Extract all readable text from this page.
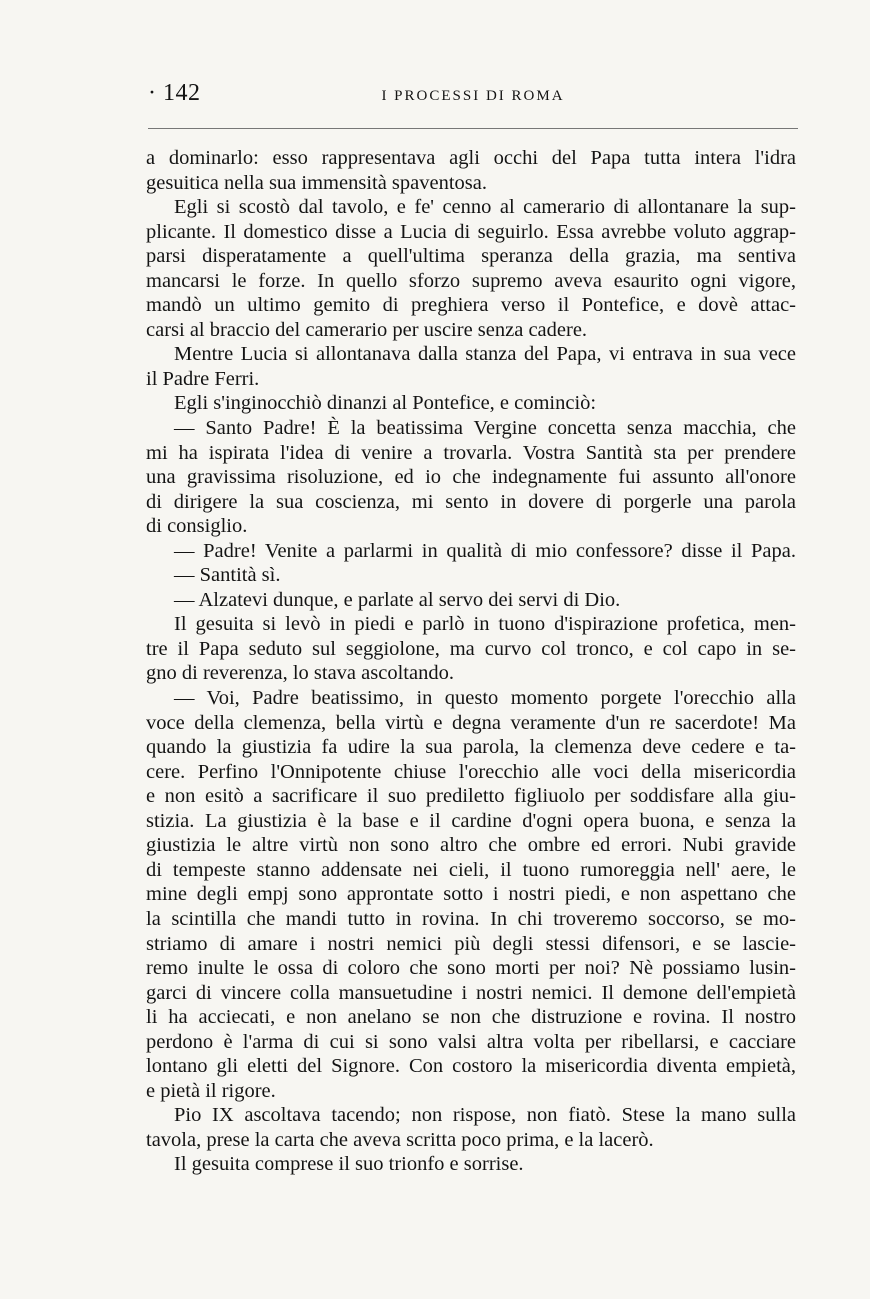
· 142	I PROCESSI DI ROMA
a dominarlo: esso rappresentava agli occhi del Papa tutta intera l'idra
gesuitica nella sua immensità spaventosa.
Egli si scostò dal tavolo, e fe' cenno al camerario di allontanare la sup-
plicante. Il domestico disse a Lucia di seguirlo. Essa avrebbe voluto aggrap-
parsi disperatamente a quell'ultima speranza della grazia, ma sentiva
mancarsi le forze. In quello sforzo supremo aveva esaurito ogni vigore,
mandò un ultimo gemito di preghiera verso il Pontefice, e dovè attac-
carsi al braccio del camerario per uscire senza cadere.
Mentre Lucia si allontanava dalla stanza del Papa, vi entrava in sua vece
il Padre Ferri.
Egli s'inginocchiò dinanzi al Pontefice, e cominciò:
— Santo Padre! È la beatissima Vergine concetta senza macchia, che
mi ha ispirata l'idea di venire a trovarla. Vostra Santità sta per prendere
una gravissima risoluzione, ed io che indegnamente fui assunto all'onore
di dirigere la sua coscienza, mi sento in dovere di porgerle una parola
di consiglio.
— Padre! Venite a parlarmi in qualità di mio confessore? disse il Papa.
— Santità sì.
— Alzatevi dunque, e parlate al servo dei servi di Dio.
Il gesuita si levò in piedi e parlò in tuono d'ispirazione profetica, men-
tre il Papa seduto sul seggiolone, ma curvo col tronco, e col capo in se-
gno di reverenza, lo stava ascoltando.
— Voi, Padre beatissimo, in questo momento porgete l'orecchio alla
voce della clemenza, bella virtù e degna veramente d'un re sacerdote! Ma
quando la giustizia fa udire la sua parola, la clemenza deve cedere e ta-
cere. Perfino l'Onnipotente chiuse l'orecchio alle voci della misericordia
e non esitò a sacrificare il suo prediletto figliuolo per soddisfare alla giu-
stizia. La giustizia è la base e il cardine d'ogni opera buona, e senza la
giustizia le altre virtù non sono altro che ombre ed errori. Nubi gravide
di tempeste stanno addensate nei cieli, il tuono rumoreggia nell' aere, le
mine degli empj sono approntate sotto i nostri piedi, e non aspettano che
la scintilla che mandi tutto in rovina. In chi troveremo soccorso, se mo-
striamo di amare i nostri nemici più degli stessi difensori, e se lascie-
remo inulte le ossa di coloro che sono morti per noi? Nè possiamo lusin-
garci di vincere colla mansuetudine i nostri nemici. Il demone dell'empietà
li ha acciecati, e non anelano se non che distruzione e rovina. Il nostro
perdono è l'arma di cui si sono valsi altra volta per ribellarsi, e cacciare
lontano gli eletti del Signore. Con costoro la misericordia diventa empietà,
e pietà il rigore.
Pio IX ascoltava tacendo; non rispose, non fiatò. Stese la mano sulla
tavola, prese la carta che aveva scritta poco prima, e la lacerò.
Il gesuita comprese il suo trionfo e sorrise.
